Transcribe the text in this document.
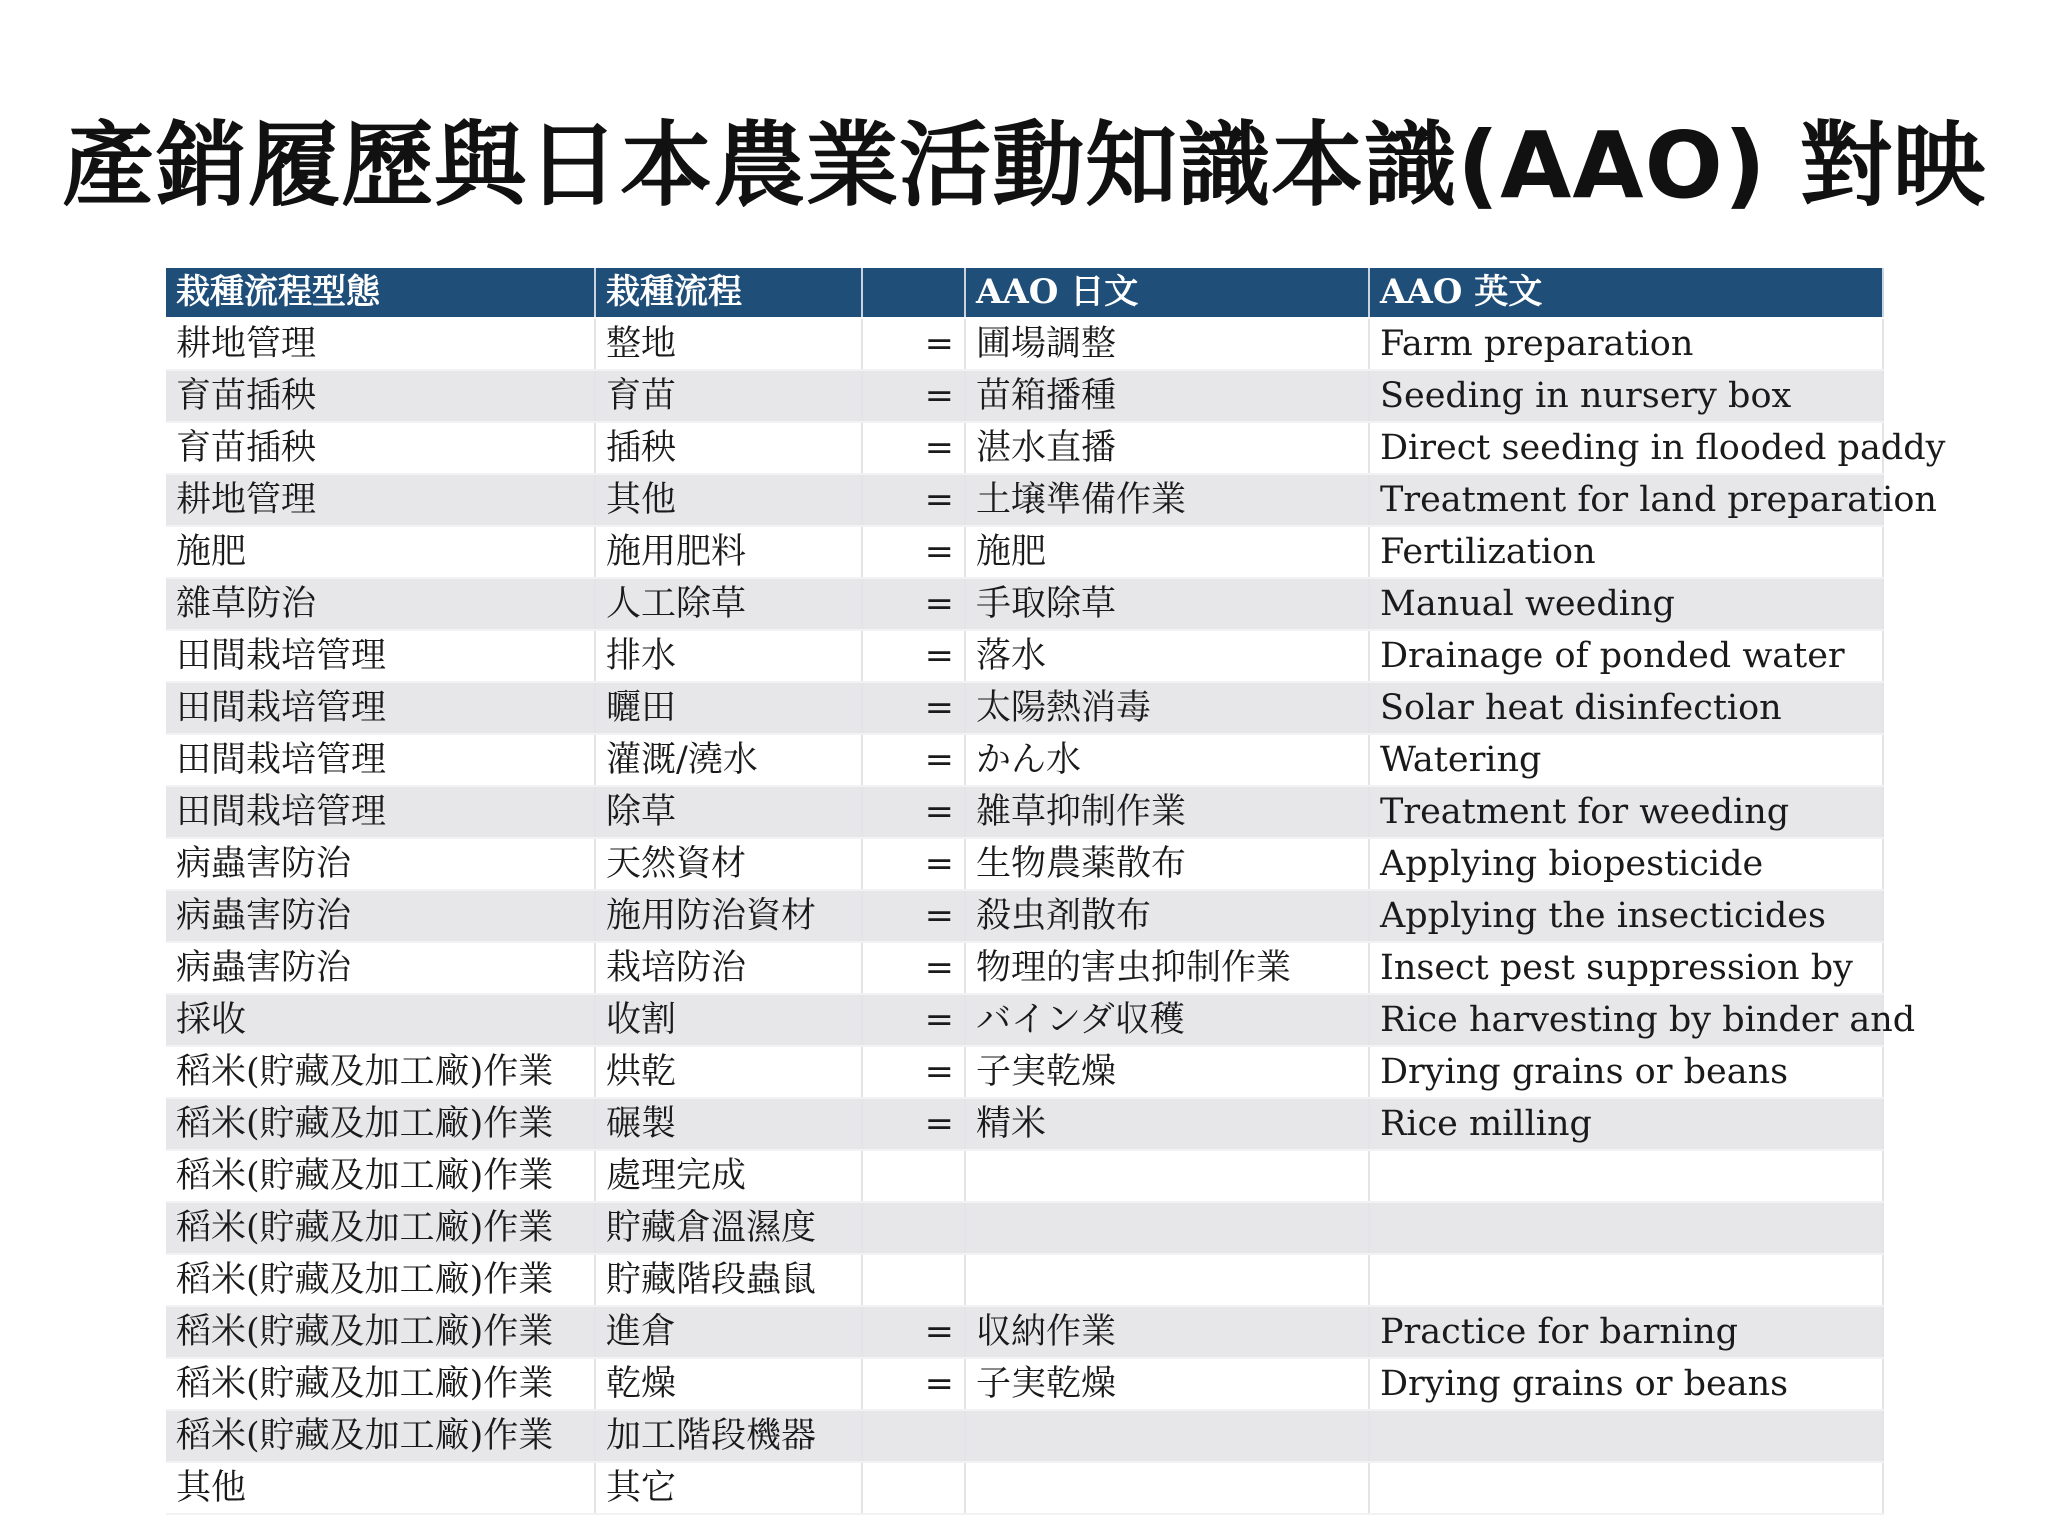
產銷履歷與日本農業活動知識本識(AAO) 對映
栽種流程型態	栽種流程		AAO 日文	AAO 英文
耕地管理	整地	=	圃場調整	Farm preparation
育苗插秧	育苗	=	苗箱播種	Seeding in nursery box
育苗插秧	插秧	=	湛水直播	Direct seeding in flooded paddy
耕地管理	其他	=	土壌準備作業	Treatment for land preparation
施肥	施用肥料	=	施肥	Fertilization
雜草防治	人工除草	=	手取除草	Manual weeding
田間栽培管理	排水	=	落水	Drainage of ponded water
田間栽培管理	曬田	=	太陽熱消毒	Solar heat disinfection
田間栽培管理	灌溉/澆水	=	かん水	Watering
田間栽培管理	除草	=	雑草抑制作業	Treatment for weeding
病蟲害防治	天然資材	=	生物農薬散布	Applying biopesticide
病蟲害防治	施用防治資材	=	殺虫剤散布	Applying the insecticides
病蟲害防治	栽培防治	=	物理的害虫抑制作業	Insect pest suppression by
採收	收割	=	バインダ収穫	Rice harvesting by binder and
稻米(貯藏及加工廠)作業	烘乾	=	子実乾燥	Drying grains or beans
稻米(貯藏及加工廠)作業	碾製	=	精米	Rice milling
稻米(貯藏及加工廠)作業	處理完成			
稻米(貯藏及加工廠)作業	貯藏倉溫濕度			
稻米(貯藏及加工廠)作業	貯藏階段蟲鼠			
稻米(貯藏及加工廠)作業	進倉	=	収納作業	Practice for barning
稻米(貯藏及加工廠)作業	乾燥	=	子実乾燥	Drying grains or beans
稻米(貯藏及加工廠)作業	加工階段機器			
其他	其它			
